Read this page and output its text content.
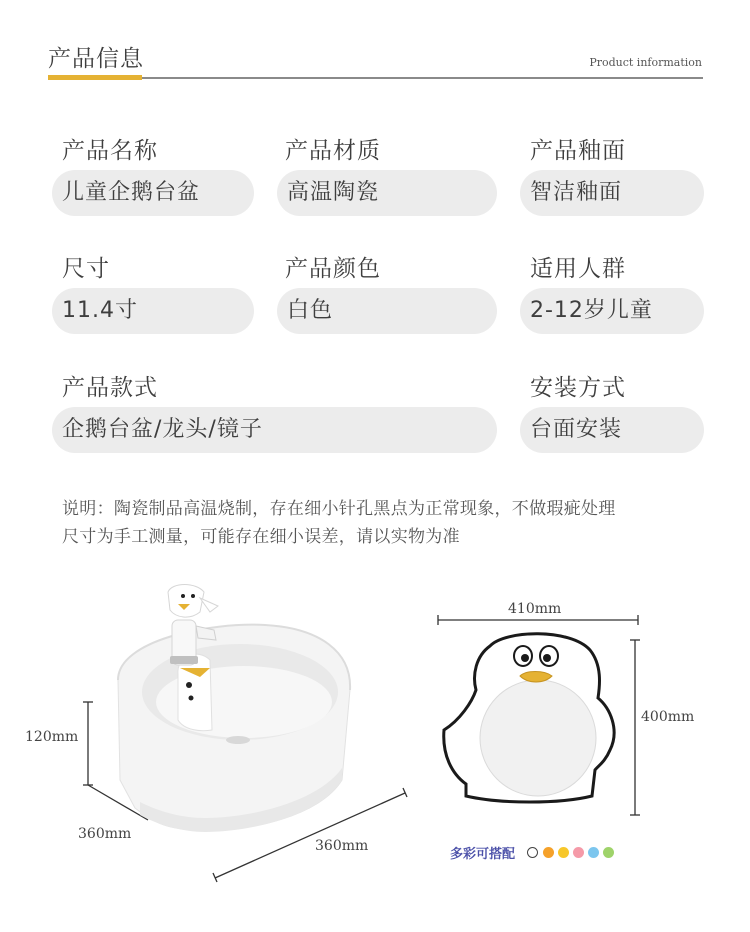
产品信息	Product information
产品名称
儿童企鹅台盆
产品材质
高温陶瓷
产品釉面
智洁釉面
尺寸
11.4寸
产品颜色
白色
适用人群
2-12岁儿童
产品款式
企鹅台盆/龙头/镜子
安装方式
台面安装
说明：陶瓷制品高温烧制，存在细小针孔黑点为正常现象，不做瑕疵处理
尺寸为手工测量，可能存在细小误差，请以实物为准
120mm
360mm
360mm
410mm
400mm
多彩可搭配
